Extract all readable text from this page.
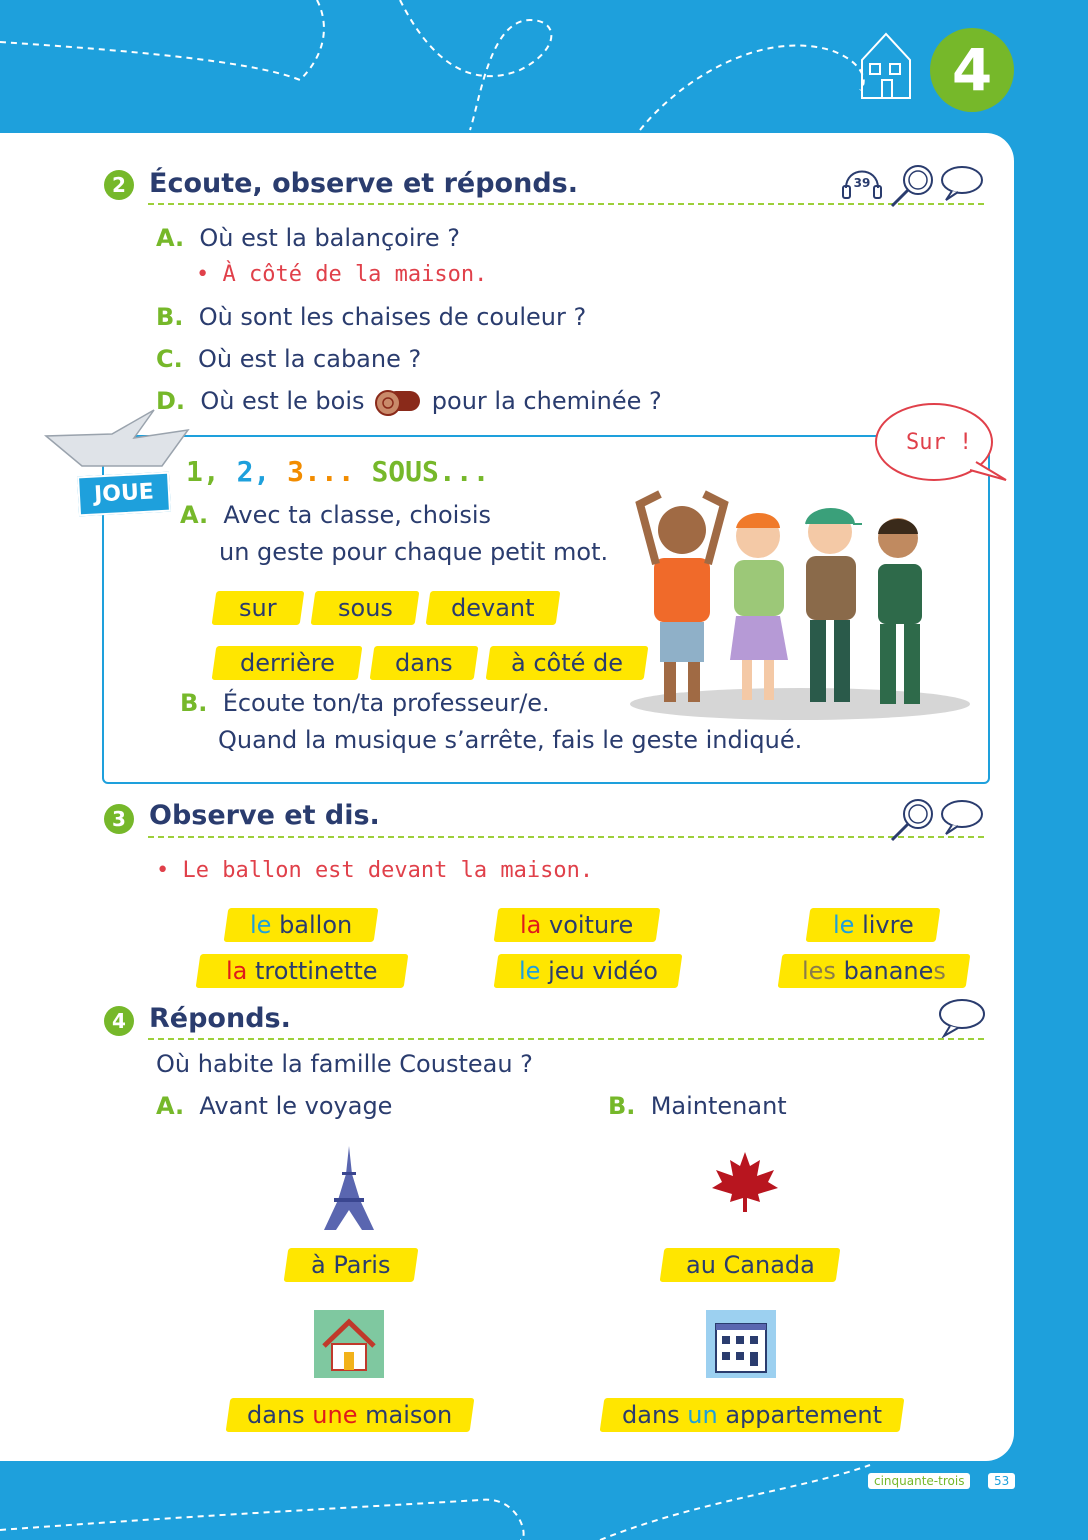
4
2 Écoute, observe et réponds.	39
A. Où est la balançoire ?
• À côté de la maison.
B. Où sont les chaises de couleur ?
C. Où est la cabane ?
D. Où est le bois	pour la cheminée ?
JOUE
1, 2, 3... SOUS...
Sur !
A. Avec ta classe, choisis
un geste pour chaque petit mot.
sur	sous	devant
derrière	dans	à côté de
B. Écoute ton/ta professeur/e.
Quand la musique s’arrête, fais le geste indiqué.
3 Observe et dis.
• Le ballon est devant la maison.
le ballon	la voiture	le livre
la trottinette	le jeu vidéo	les bananes
4 Réponds.
Où habite la famille Cousteau ?
A. Avant le voyage	B. Maintenant
à Paris	au Canada
dans une maison	dans un appartement
cinquante-trois	53
